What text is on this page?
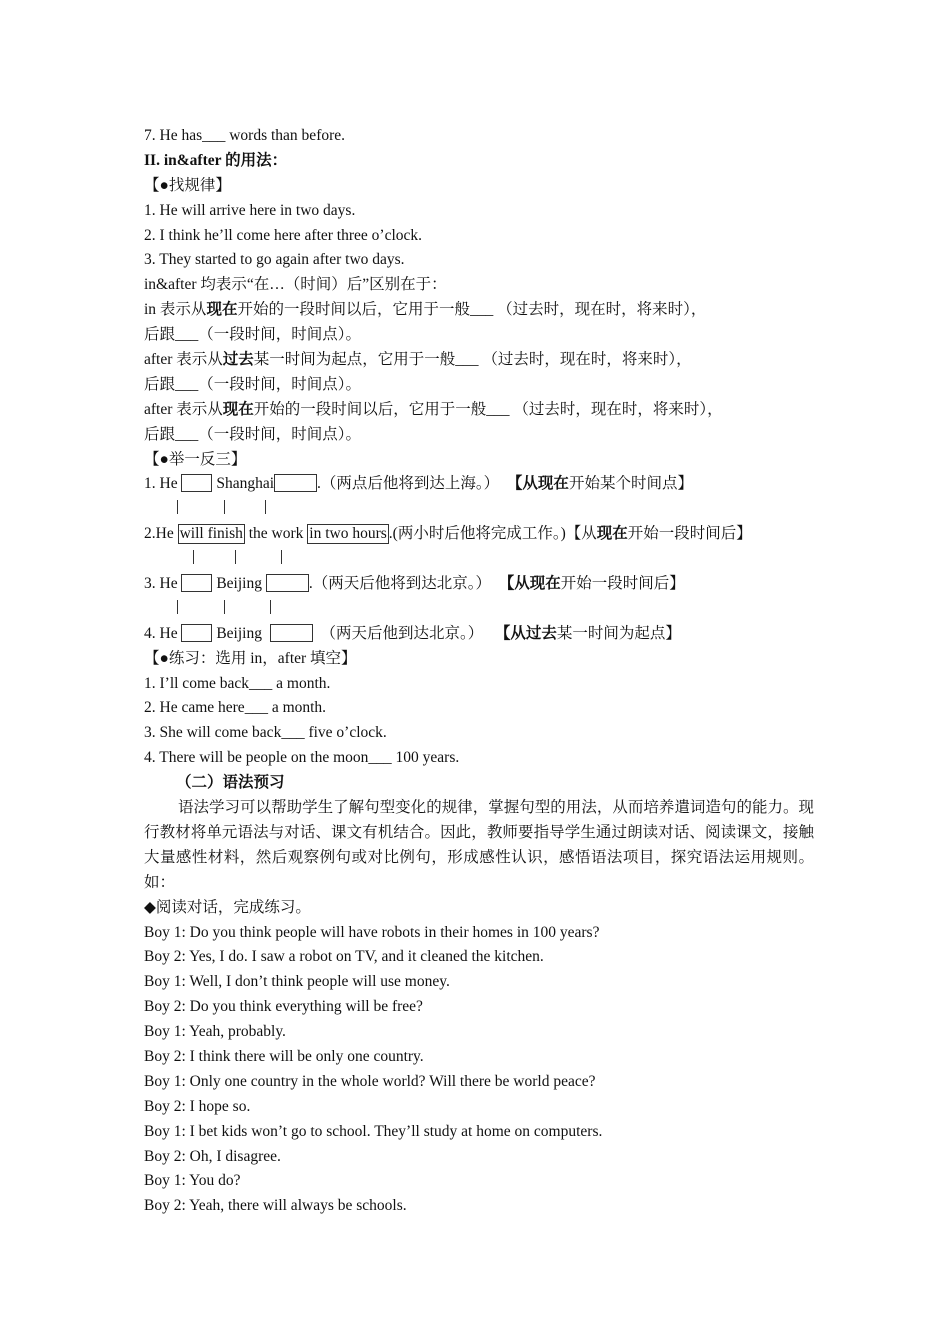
7. He has___ words than before.
II. in&after 的用法：
【●找规律】
1. He will arrive here in two days.
2. I think he’ll come here after three o’clock.
3. They started to go again after two days.
in&after 均表示“在…（时间）后”区别在于：
in 表示从现在开始的一段时间以后，它用于一般___ （过去时，现在时，将来时），
后跟___（一段时间，时间点）。
after 表示从过去某一时间为起点，它用于一般___ （过去时，现在时，将来时），
后跟___（一段时间，时间点）。
after 表示从现在开始的一段时间以后，它用于一般___ （过去时，现在时，将来时），
后跟___（一段时间，时间点）。
【●举一反三】
1. He	Shanghai	.（两点后他将到达上海。） 【从现在开始某个时间点】
2.He will finish the work in two hours .(两小时后他将完成工作。)【从现在开始一段时间后】
3. He	Beijing	.（两天后他将到达北京。） 【从现在开始一段时间后】
4. He	Beijing	（两天后他到达北京。） 【从过去某一时间为起点】
【●练习：选用 in，after 填空】
1. I’ll come back___ a month.
2. He came here___ a month.
3. She will come back___ five o’clock.
4. There will be people on the moon___ 100 years.
（二）语法预习
语法学习可以帮助学生了解句型变化的规律，掌握句型的用法，从而培养遣词造句的能力。现行教材将单元语法与对话、课文有机结合。因此，教师要指导学生通过朗读对话、阅读课文，接触大量感性材料，然后观察例句或对比例句，形成感性认识，感悟语法项目，探究语法运用规则。如：
◆阅读对话，完成练习。
Boy 1: Do you think people will have robots in their homes in 100 years?
Boy 2: Yes, I do. I saw a robot on TV, and it cleaned the kitchen.
Boy 1: Well, I don’t think people will use money.
Boy 2: Do you think everything will be free?
Boy 1: Yeah, probably.
Boy 2: I think there will be only one country.
Boy 1: Only one country in the whole world? Will there be world peace?
Boy 2: I hope so.
Boy 1: I bet kids won’t go to school. They’ll study at home on computers.
Boy 2: Oh, I disagree.
Boy 1: You do?
Boy 2: Yeah, there will always be schools.
